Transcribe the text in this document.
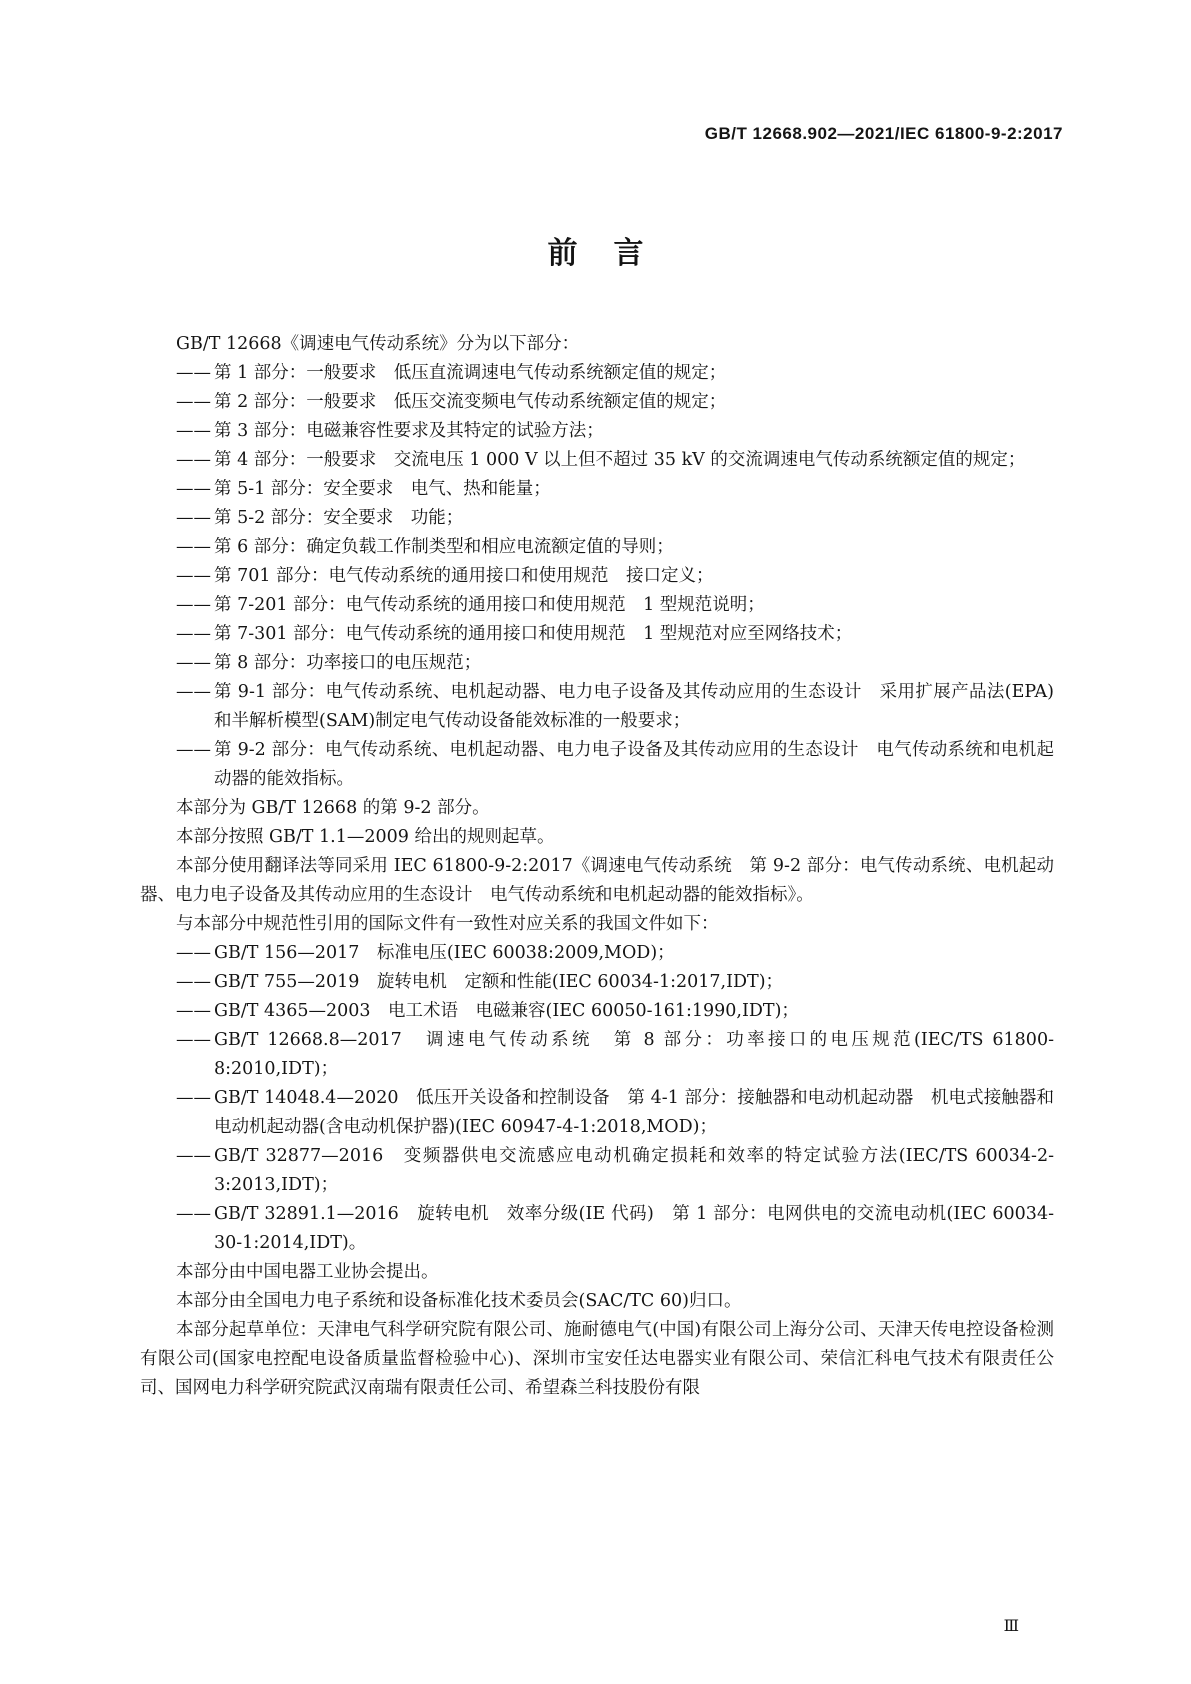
GB/T 12668.902—2021/IEC 61800-9-2:2017
前言

GB/T 12668《调速电气传动系统》分为以下部分：

—— 第 1 部分：一般要求　低压直流调速电气传动系统额定值的规定；
—— 第 2 部分：一般要求　低压交流变频电气传动系统额定值的规定；
—— 第 3 部分：电磁兼容性要求及其特定的试验方法；
—— 第 4 部分：一般要求　交流电压 1 000 V 以上但不超过 35 kV 的交流调速电气传动系统额定值的规定；
—— 第 5-1 部分：安全要求　电气、热和能量；
—— 第 5-2 部分：安全要求　功能；
—— 第 6 部分：确定负载工作制类型和相应电流额定值的导则；
—— 第 701 部分：电气传动系统的通用接口和使用规范　接口定义；
—— 第 7-201 部分：电气传动系统的通用接口和使用规范　1 型规范说明；
—— 第 7-301 部分：电气传动系统的通用接口和使用规范　1 型规范对应至网络技术；
—— 第 8 部分：功率接口的电压规范；
—— 第 9-1 部分：电气传动系统、电机起动器、电力电子设备及其传动应用的生态设计　采用扩展产品法(EPA)和半解析模型(SAM)制定电气传动设备能效标准的一般要求；
—— 第 9-2 部分：电气传动系统、电机起动器、电力电子设备及其传动应用的生态设计　电气传动系统和电机起动器的能效指标。

本部分为 GB/T 12668 的第 9-2 部分。

本部分按照 GB/T 1.1—2009 给出的规则起草。

本部分使用翻译法等同采用 IEC 61800-9-2:2017《调速电气传动系统　第 9-2 部分：电气传动系统、电机起动器、电力电子设备及其传动应用的生态设计　电气传动系统和电机起动器的能效指标》。

与本部分中规范性引用的国际文件有一致性对应关系的我国文件如下：

—— GB/T 156—2017　标准电压(IEC 60038:2009,MOD)；
—— GB/T 755—2019　旋转电机　定额和性能(IEC 60034-1:2017,IDT)；
—— GB/T 4365—2003　电工术语　电磁兼容(IEC 60050-161:1990,IDT)；
—— GB/T 12668.8—2017　调速电气传动系统　第 8 部分：功率接口的电压规范(IEC/TS 61800-8:2010,IDT)；
—— GB/T 14048.4—2020　低压开关设备和控制设备　第 4-1 部分：接触器和电动机起动器　机电式接触器和电动机起动器(含电动机保护器)(IEC 60947-4-1:2018,MOD)；
—— GB/T 32877—2016　变频器供电交流感应电动机确定损耗和效率的特定试验方法(IEC/TS 60034-2-3:2013,IDT)；
—— GB/T 32891.1—2016　旋转电机　效率分级(IE 代码)　第 1 部分：电网供电的交流电动机(IEC 60034-30-1:2014,IDT)。

本部分由中国电器工业协会提出。

本部分由全国电力电子系统和设备标准化技术委员会(SAC/TC 60)归口。

本部分起草单位：天津电气科学研究院有限公司、施耐德电气(中国)有限公司上海分公司、天津天传电控设备检测有限公司(国家电控配电设备质量监督检验中心)、深圳市宝安任达电器实业有限公司、荣信汇科电气技术有限责任公司、国网电力科学研究院武汉南瑞有限责任公司、希望森兰科技股份有限

Ⅲ
